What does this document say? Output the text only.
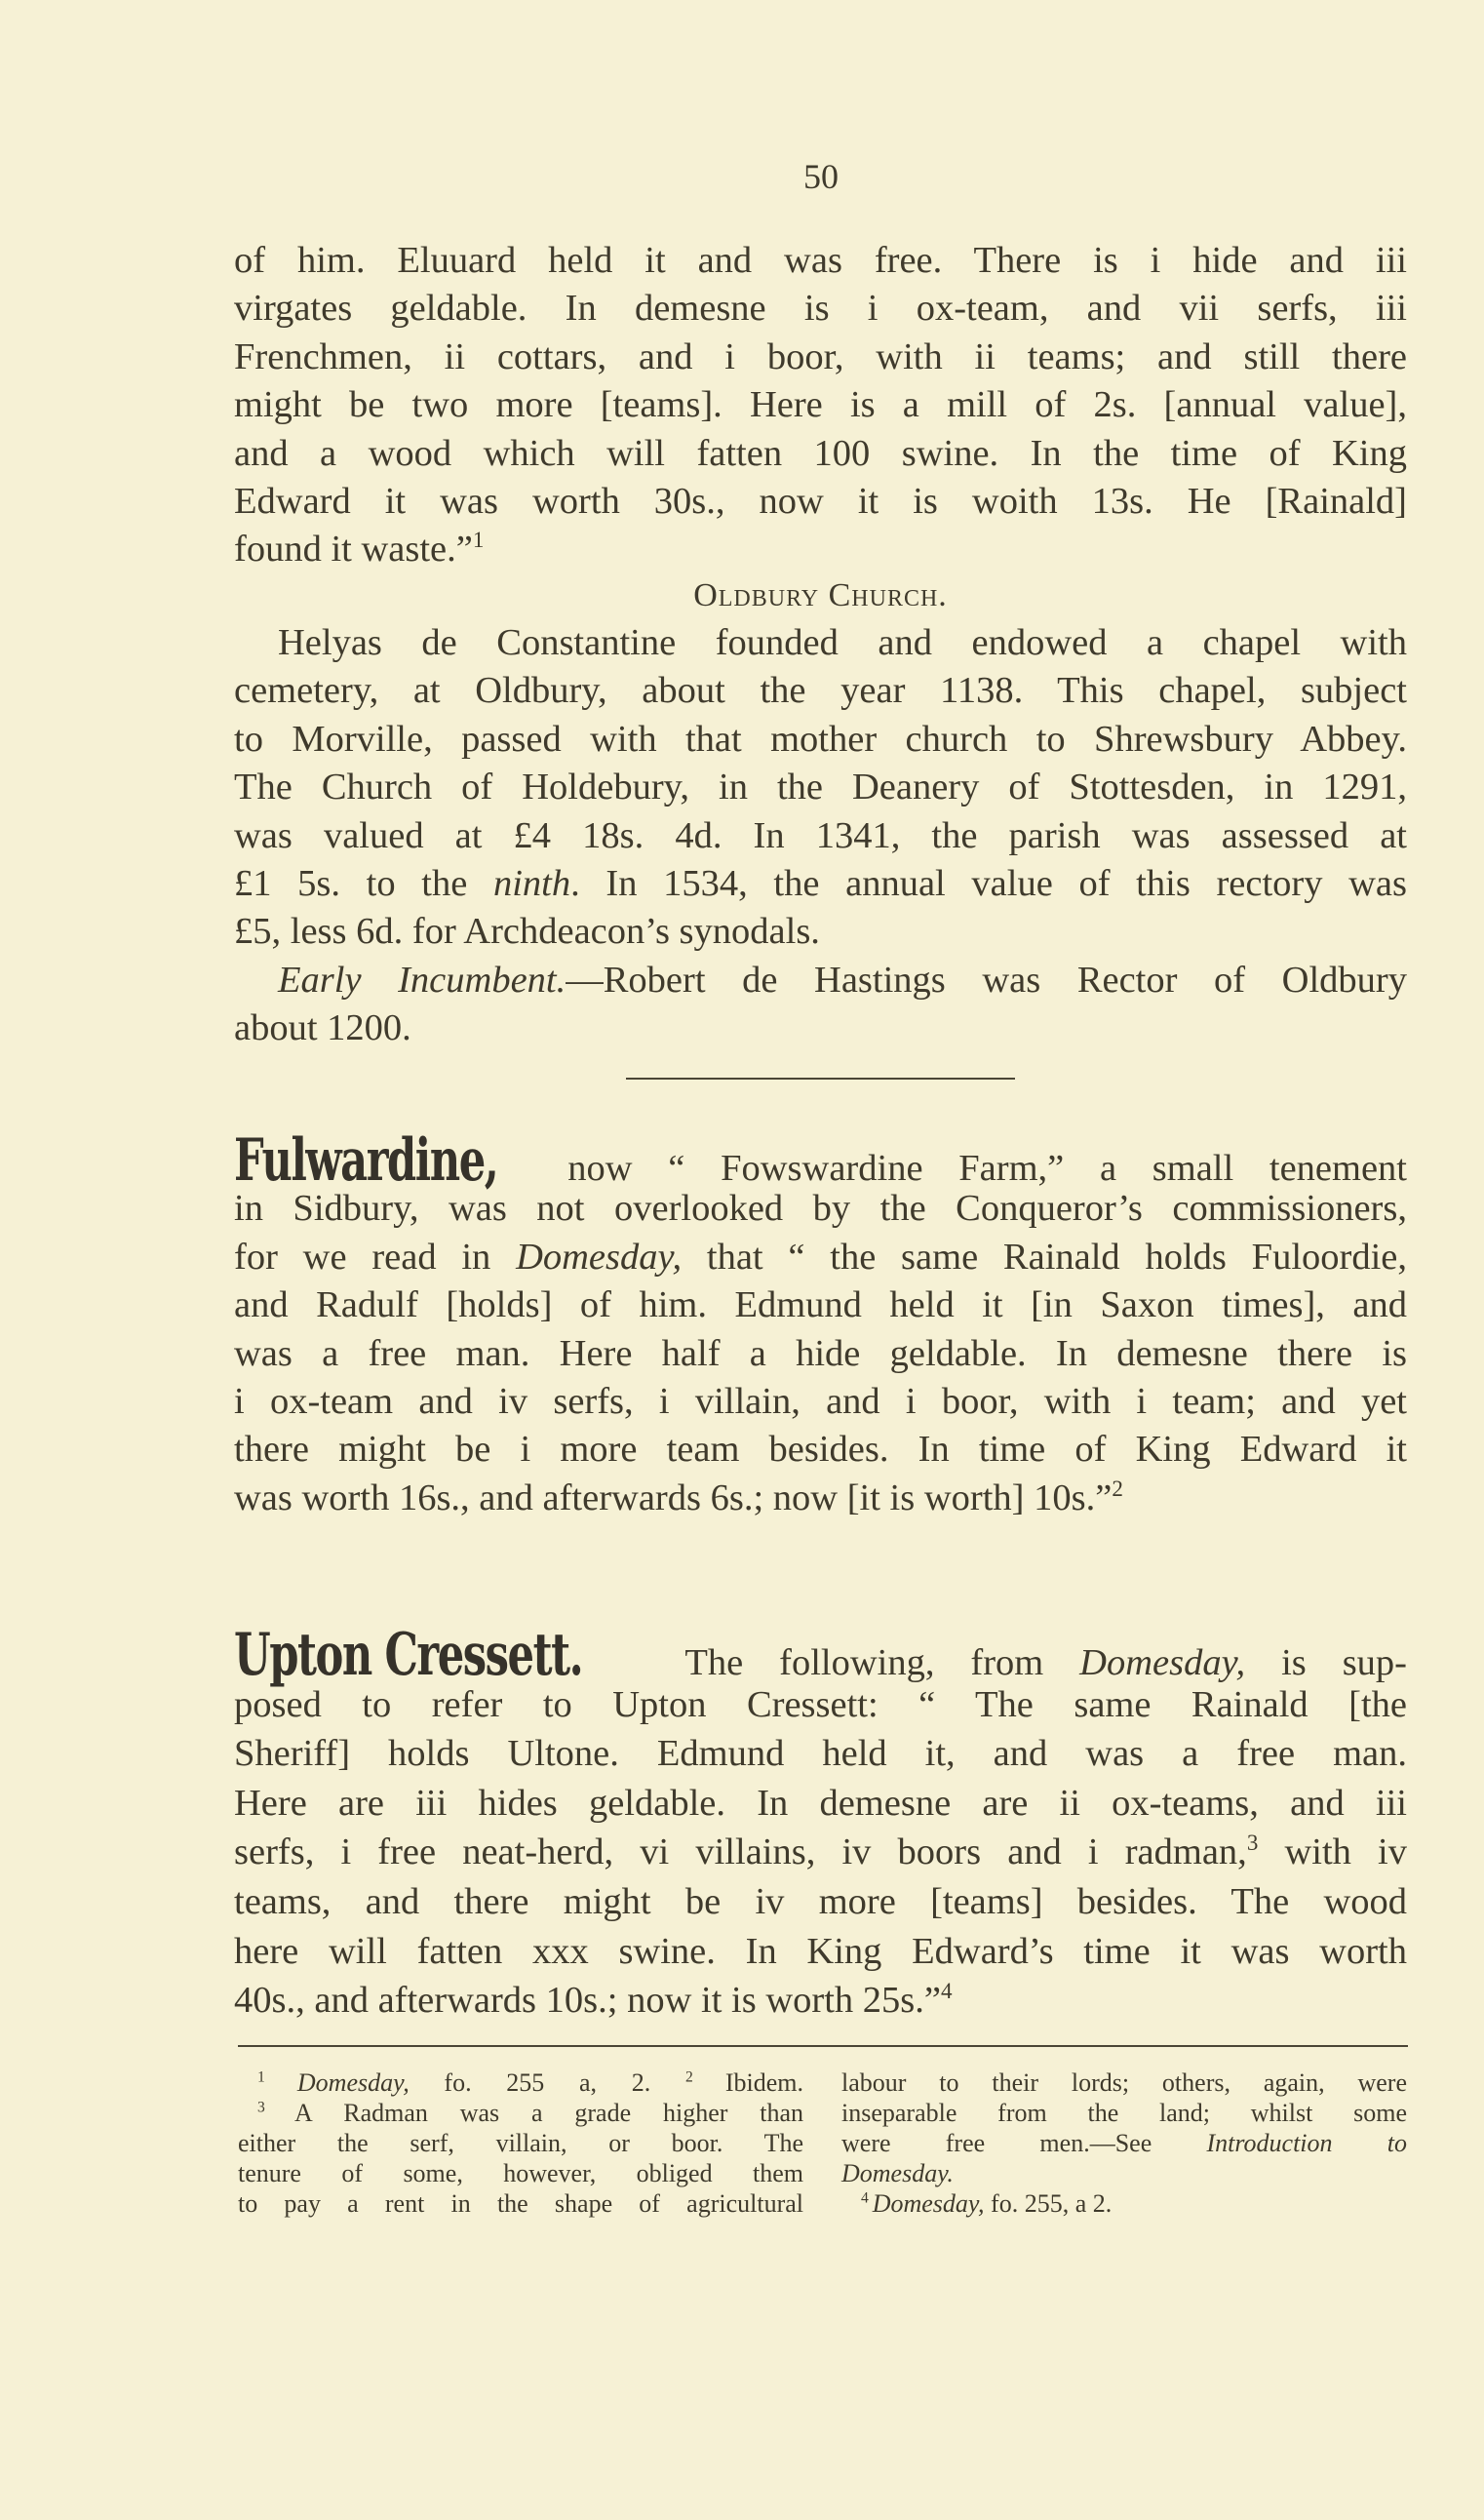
50
of him. Eluuard held it and was free. There is i hide and iii
virgates geldable. In demesne is i ox-team, and vii serfs, iii
Frenchmen, ii cottars, and i boor, with ii teams; and still there
might be two more [teams]. Here is a mill of 2s. [annual value],
and a wood which will fatten 100 swine. In the time of King
Edward it was worth 30s., now it is woith 13s. He [Rainald]
found it waste.”$^1$
Oldbury Church.
Helyas de Constantine founded and endowed a chapel with
cemetery, at Oldbury, about the year 1138. This chapel, subject
to Morville, passed with that mother church to Shrewsbury Abbey.
The Church of Holdebury, in the Deanery of Stottesden, in 1291,
was valued at £4 18s. 4d. In 1341, the parish was assessed at
£1 5s. to the ninth. In 1534, the annual value of this rectory was
£5, less 6d. for Archdeacon’s synodals.
Early Incumbent.—Robert de Hastings was Rector of Oldbury
about 1200.
Fulwardine, now “ Fowswardine Farm,” a small tenement
in Sidbury, was not overlooked by the Conqueror’s commissioners,
for we read in Domesday, that “ the same Rainald holds Fuloordie,
and Radulf [holds] of him. Edmund held it [in Saxon times], and
was a free man. Here half a hide geldable. In demesne there is
i ox-team and iv serfs, i villain, and i boor, with i team; and yet
there might be i more team besides. In time of King Edward it
was worth 16s., and afterwards 6s.; now [it is worth] 10s.”$^2$
Upton Cressett. The following, from Domesday, is sup-
posed to refer to Upton Cressett: “ The same Rainald [the
Sheriff] holds Ultone. Edmund held it, and was a free man.
Here are iii hides geldable. In demesne are ii ox-teams, and iii
serfs, i free neat-herd, vi villains, iv boors and i radman,$^3$ with iv
teams, and there might be iv more [teams] besides. The wood
here will fatten xxx swine. In King Edward’s time it was worth
40s., and afterwards 10s.; now it is worth 25s.”$^4$
$^1$ Domesday, fo. 255 a, 2. $^2$ Ibidem.
$^3$ A Radman was a grade higher than
either the serf, villain, or boor. The
tenure of some, however, obliged them
to pay a rent in the shape of agricultural
labour to their lords; others, again, were
inseparable from the land; whilst some
were free men.—See Introduction to
Domesday.
$^4$ Domesday, fo. 255, a 2.
